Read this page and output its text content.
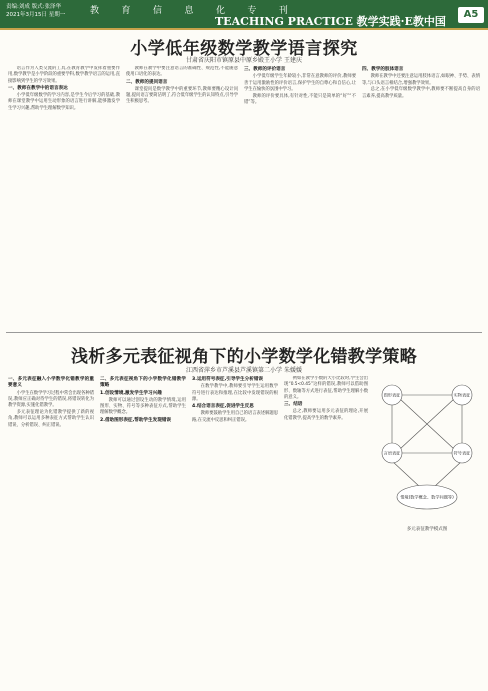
责编:刘成 版式:张泽华
2021年3月15日 星期一	教 育 信 息 化 专 刊
TEACHING PRACTICE 教学实践·E教中国
A5
小学低年级数学教学语言探究
甘肃省庆阳市镇原县中原乡殿王小学 王建庆

语言作为人类交流的工具,在教育教学中发挥着重要作用,数学教学是小学阶段的重要学科,数学教学语言的运用,直接影响到学生的学习效果。

一、教师在教学中的语言表达

小学低年级数学的学习内容,是学生今后学习的基础,教师在课堂教学中运用生动形象的语言进行讲解,能够激发学生学习兴趣,帮助学生理解数学知识。

教师在教学中要注意语言的准确性、规范性,不能随意使用口语化的表达。

二、教师的提问语言

课堂提问是数学教学中的重要环节,教师要精心设计问题,提问语言要简洁明了,符合低年级学生的认知特点,引导学生积极思考。

三、教师的评价语言

小学低年级学生年龄较小,非常在意教师的评价,教师要善于运用激励性的评价语言,保护学生的自尊心和自信心,让学生在愉快的氛围中学习。

教师的评价要具体,有针对性,不能只是简单的“好”“不错”等。

四、教学的肢体语言

教师在教学中还要注意运用肢体语言,如眼神、手势、表情等,与口头语言相结合,增强教学效果。

总之,在小学低年级数学教学中,教师要不断提高自身的语言素养,提高教学质量。

浅析多元表征视角下的小学数学化错教学策略
江西省萍乡市芦溪县芦溪镇第二小学 朱媛媛
一、多元表征融入小学数学化错教学的重要意义

小学生在数学学习过程中常会出现各种错误,教师应正确对待学生的错误,将错误转化为教学资源,实施化错教学。

多元表征理论为化错教学提供了新的视角,教师可以运用多种表征方式帮助学生认识错误、分析错误、纠正错误。

二、多元表征视角下的小学数学化错教学策略
1.创设情境,激发学生学习兴趣

教师可以通过创设生动的教学情境,运用图形、实物、符号等多种表征方式,帮助学生理解数学概念。

2.借助图形表征,帮助学生发现错误
3.运用符号表征,引导学生分析错误

在数学教学中,教师要引导学生运用数学符号进行表达和推理,在比较中发现错误的根源。

4.结合语言表征,促进学生反思

教师要鼓励学生用自己的语言表述解题思路,在交流中反思和纠正错误。

例如在教学小数的大小比较时,学生会出现“0.5<0.45”这样的错误,教师可以借助图形、数轴等方式进行表征,帮助学生理解小数的意义。

三、结语

总之,教师要运用多元表征的理论,开展化错教学,提高学生的数学素养。

图形表征	实物表征
言语表征	符号表征
情境(数学概念、数学问题等)
多元表征教学模式图
